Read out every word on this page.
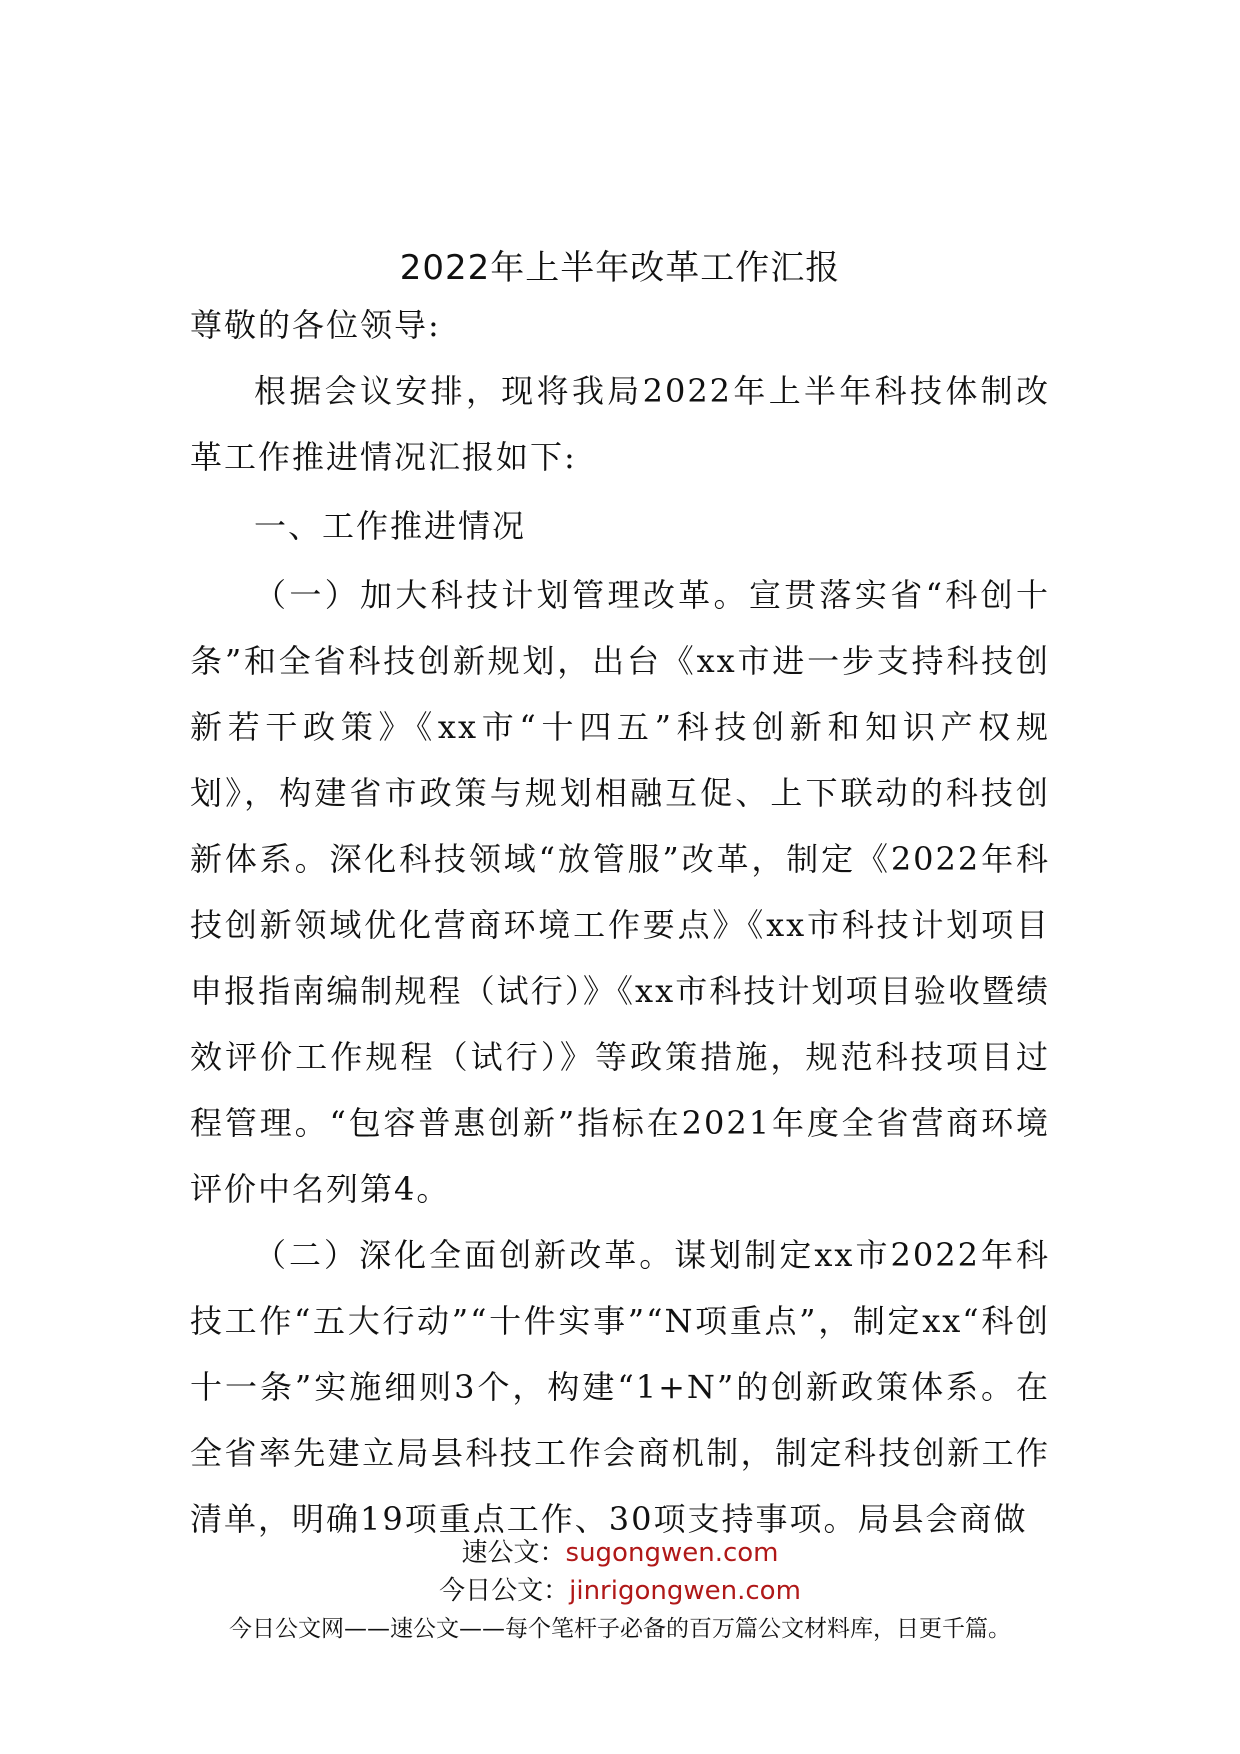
2022年上半年改革工作汇报

尊敬的各位领导:

根据会议安排，现将我局2022年上半年科技体制改革工作推进情况汇报如下:

一、工作推进情况

（一）加大科技计划管理改革。宣贯落实省“科创十条”和全省科技创新规划，出台《xx市进一步支持科技创新若干政策》《xx市“十四五”科技创新和知识产权规划》，构建省市政策与规划相融互促、上下联动的科技创新体系。深化科技领域“放管服”改革，制定《2022年科技创新领域优化营商环境工作要点》《xx市科技计划项目申报指南编制规程（试行）》《xx市科技计划项目验收暨绩效评价工作规程（试行）》等政策措施，规范科技项目过程管理。“包容普惠创新”指标在2021年度全省营商环境评价中名列第4。

（二）深化全面创新改革。谋划制定xx市2022年科技工作“五大行动”“十件实事”“N项重点”，制定xx“科创十一条”实施细则3个，构建“1+N”的创新政策体系。在全省率先建立局县科技工作会商机制，制定科技创新工作清单，明确19项重点工作、30项支持事项。局县会商做

速公文：sugongwen.com
今日公文：jinrigongwen.com
今日公文网——速公文——每个笔杆子必备的百万篇公文材料库，日更千篇。
